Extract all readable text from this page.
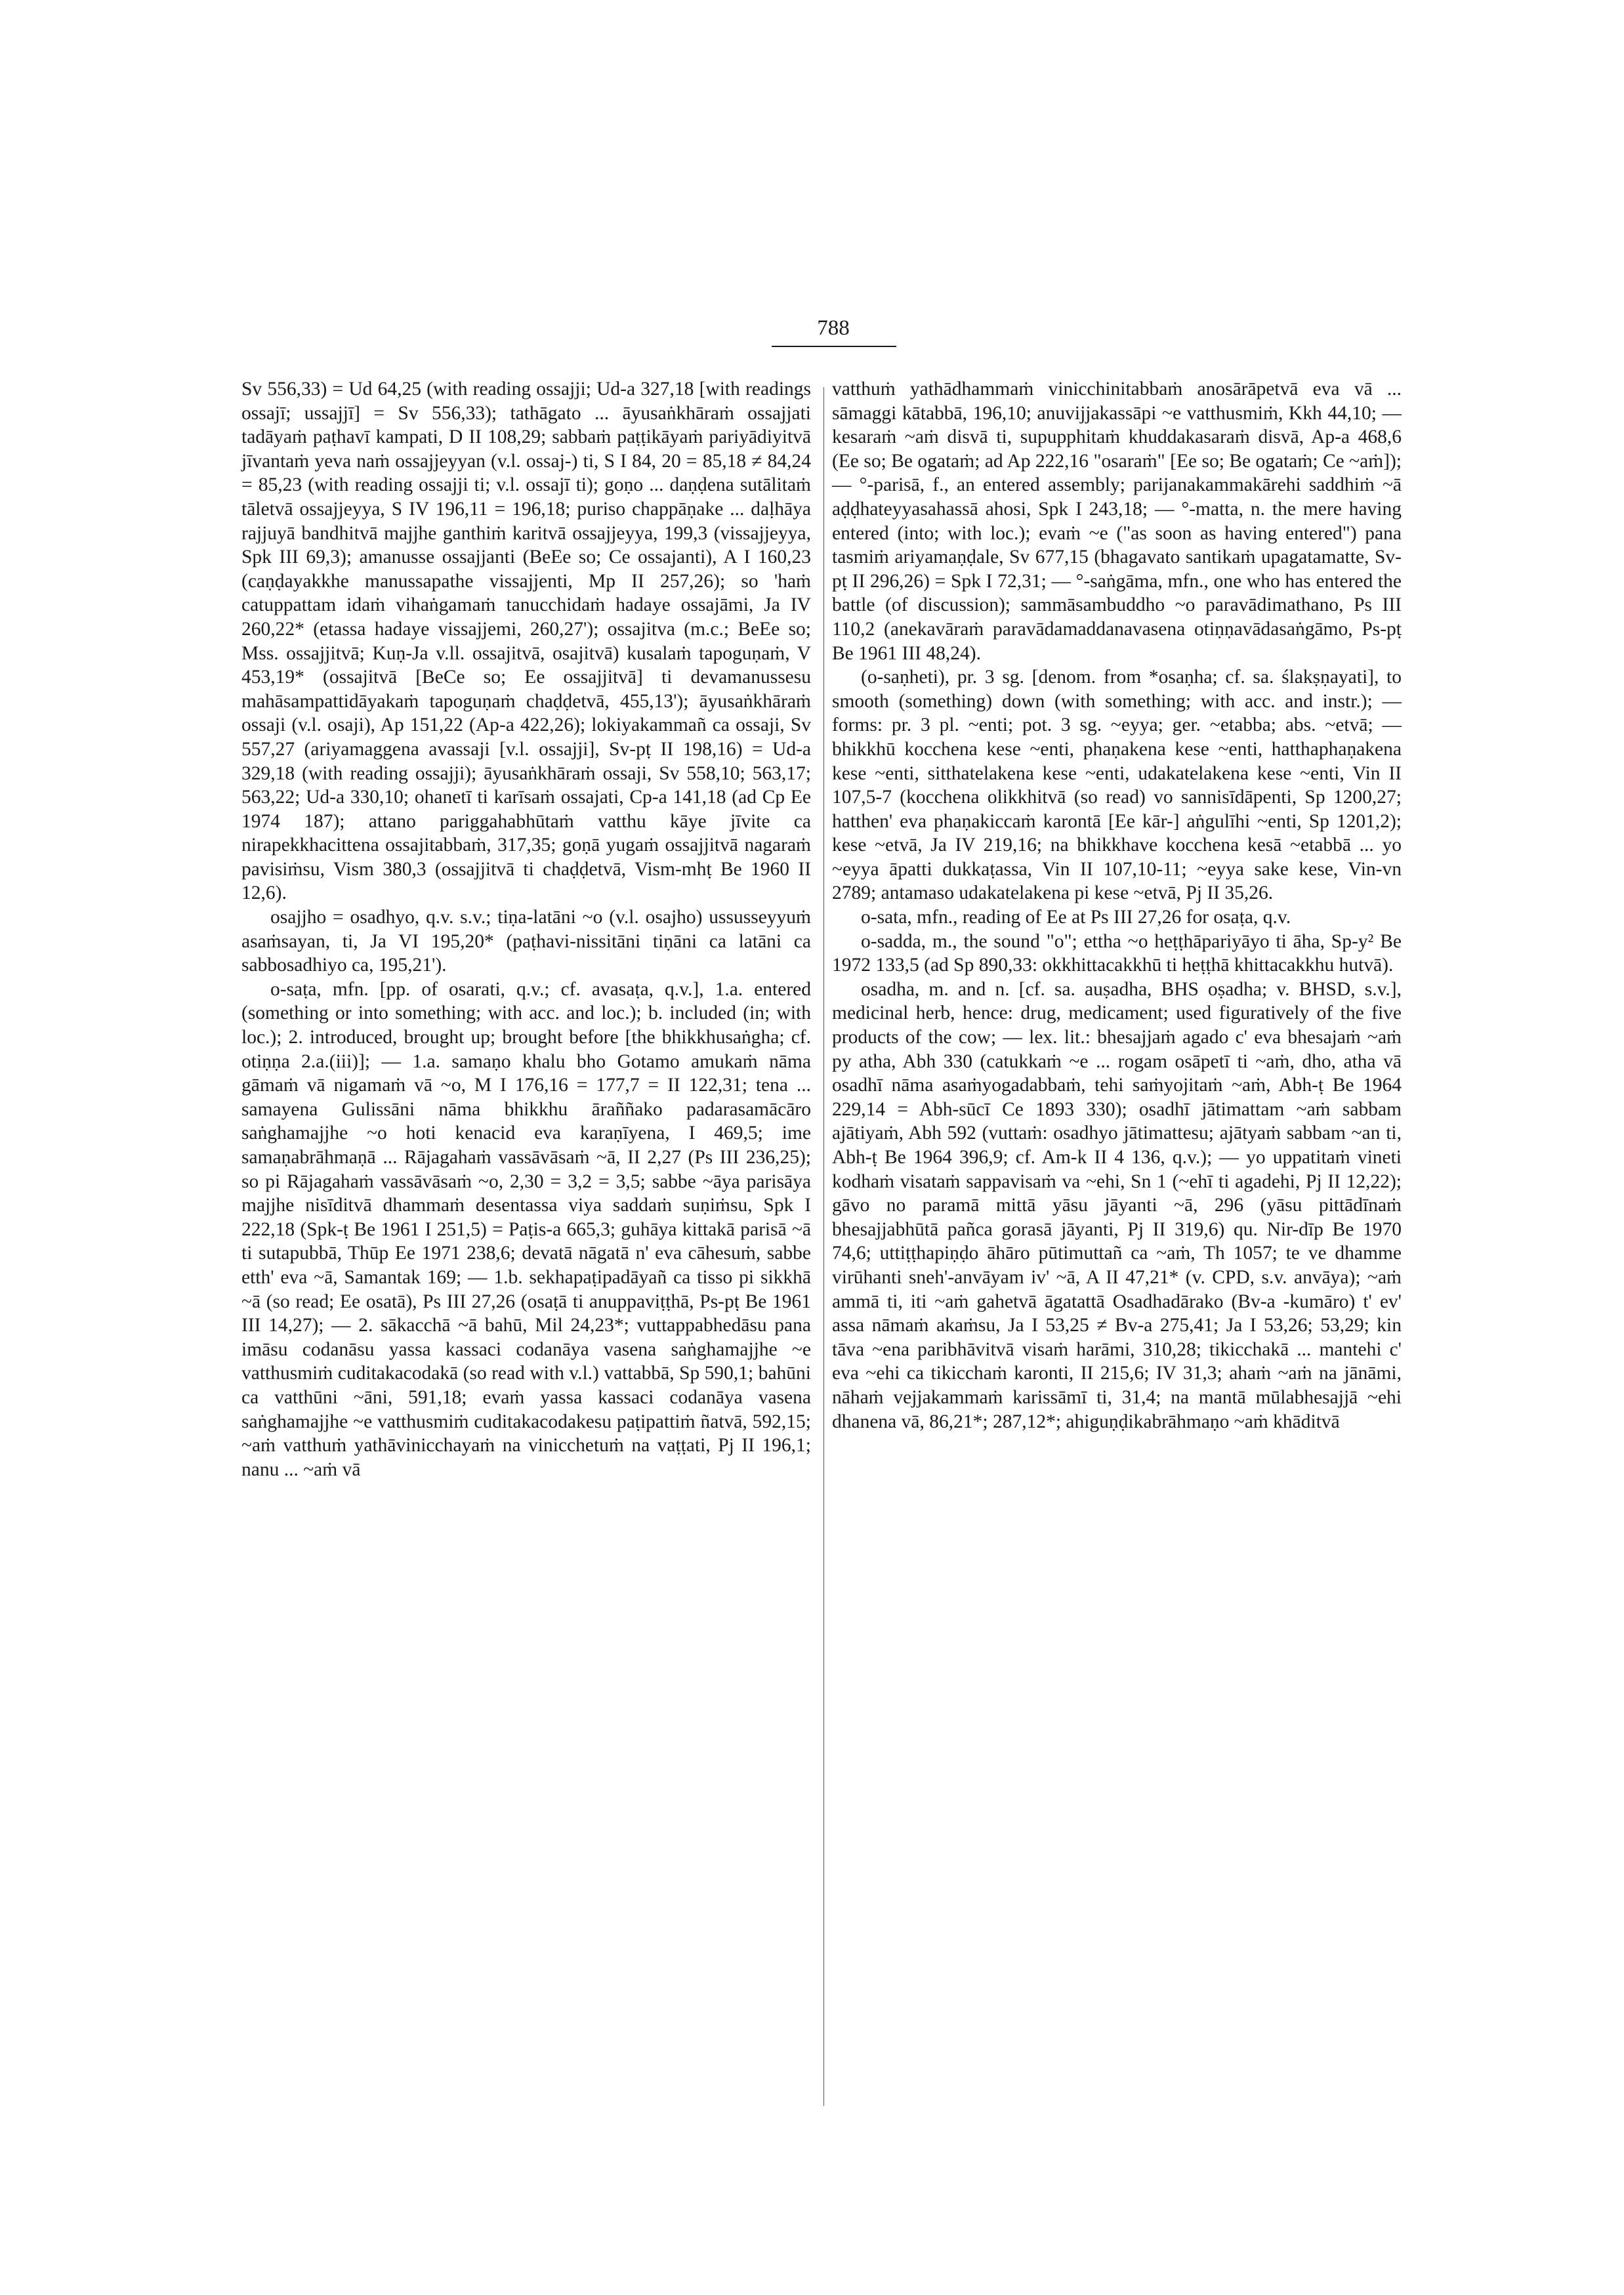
788

Sv 556,33) = Ud 64,25 (with reading ossajji; Ud-a 327,18 [with readings ossajī; ussajjī] = Sv 556,33); tathāgato ... āyusaṅkhāraṁ ossajjati tadāyaṁ paṭhavī kampati, D II 108,29; sabbaṁ paṭṭikāyaṁ pariyādiyitvā jīvantaṁ yeva naṁ ossajjeyyan (v.l. ossaj-) ti, S I 84, 20 = 85,18 ≠ 84,24 = 85,23 (with reading ossajji ti; v.l. ossajī ti); goṇo ... daṇḍena sutālitaṁ tāletvā ossajjeyya, S IV 196,11 = 196,18; puriso chappāṇake ... daḷhāya rajjuyā bandhitvā majjhe ganthiṁ karitvā ossajjeyya, 199,3 (vissajjeyya, Spk III 69,3); amanusse ossajjanti (BeEe so; Ce ossajanti), A I 160,23 (caṇḍayakkhe manussapathe vissajjenti, Mp II 257,26); so 'haṁ catuppattam idaṁ vihaṅgamaṁ tanucchidaṁ hadaye ossajāmi, Ja IV 260,22* (etassa hadaye vissajjemi, 260,27'); ossajitva (m.c.; BeEe so; Mss. ossajjitvā; Kuṇ-Ja v.ll. ossajitvā, osajitvā) kusalaṁ tapoguṇaṁ, V 453,19* (ossajitvā [BeCe so; Ee ossajjitvā] ti devamanussesu mahāsampattidāyakaṁ tapoguṇaṁ chaḍḍetvā, 455,13'); āyusaṅkhāraṁ ossaji (v.l. osaji), Ap 151,22 (Ap-a 422,26); lokiyakammañ ca ossaji, Sv 557,27 (ariyamaggena avassaji [v.l. ossajji], Sv-pṭ II 198,16) = Ud-a 329,18 (with reading ossajji); āyusaṅkhāraṁ ossaji, Sv 558,10; 563,17; 563,22; Ud-a 330,10; ohanetī ti karīsaṁ ossajati, Cp-a 141,18 (ad Cp Ee 1974 187); attano pariggahabhūtaṁ vatthu kāye jīvite ca nirapekkhacittena ossajitabbaṁ, 317,35; goṇā yugaṁ ossajjitvā nagaraṁ pavisiṁsu, Vism 380,3 (ossajjitvā ti chaḍḍetvā, Vism-mhṭ Be 1960 II 12,6).

osajjho = osadhyo, q.v. s.v.; tiṇa-latāni ~o (v.l. osajho) ussusseyyuṁ asaṁsayan, ti, Ja VI 195,20* (paṭhavi-nissitāni tiṇāni ca latāni ca sabbosadhiyo ca, 195,21').

o-saṭa, mfn. [pp. of osarati, q.v.; cf. avasaṭa, q.v.], 1.a. entered (something or into something; with acc. and loc.); b. included (in; with loc.); 2. introduced, brought up; brought before [the bhikkhusaṅgha; cf. otiṇṇa 2.a.(iii)]; — 1.a. samaṇo khalu bho Gotamo amukaṁ nāma gāmaṁ vā nigamaṁ vā ~o, M I 176,16 = 177,7 = II 122,31; tena ... samayena Gulissāni nāma bhikkhu āraññako padarasamācāro saṅghamajjhe ~o hoti kenacid eva karaṇīyena, I 469,5; ime samaṇabrāhmaṇā ... Rājagahaṁ vassāvāsaṁ ~ā, II 2,27 (Ps III 236,25); so pi Rājagahaṁ vassāvāsaṁ ~o, 2,30 = 3,2 = 3,5; sabbe ~āya parisāya majjhe nisīditvā dhammaṁ desentassa viya saddaṁ suṇiṁsu, Spk I 222,18 (Spk-ṭ Be 1961 I 251,5) = Paṭis-a 665,3; guhāya kittakā parisā ~ā ti sutapubbā, Thūp Ee 1971 238,6; devatā nāgatā n' eva cāhesuṁ, sabbe etth' eva ~ā, Samantak 169; — 1.b. sekhapaṭipadāyañ ca tisso pi sikkhā ~ā (so read; Ee osatā), Ps III 27,26 (osaṭā ti anuppaviṭṭhā, Ps-pṭ Be 1961 III 14,27); — 2. sākacchā ~ā bahū, Mil 24,23*; vuttappabhedāsu pana imāsu codanāsu yassa kassaci codanāya vasena saṅghamajjhe ~e vatthusmiṁ cuditakacodakā (so read with v.l.) vattabbā, Sp 590,1; bahūni ca vatthūni ~āni, 591,18; evaṁ yassa kassaci codanāya vasena saṅghamajjhe ~e vatthusmiṁ cuditakacodakesu paṭipattiṁ ñatvā, 592,15; ~aṁ vatthuṁ yathāvinicchayaṁ na vinicchetuṁ na vaṭṭati, Pj II 196,1; nanu ... ~aṁ vā

vatthuṁ yathādhammaṁ vinicchinitabbaṁ anosārāpetvā eva vā ... sāmaggi kātabbā, 196,10; anuvijjakassāpi ~e vatthusmiṁ, Kkh 44,10; — kesaraṁ ~aṁ disvā ti, supupphitaṁ khuddakasaraṁ disvā, Ap-a 468,6 (Ee so; Be ogataṁ; ad Ap 222,16 "osaraṁ" [Ee so; Be ogataṁ; Ce ~aṁ]); — °-parisā, f., an entered assembly; parijanakammakārehi saddhiṁ ~ā aḍḍhateyyasahassā ahosi, Spk I 243,18; — °-matta, n. the mere having entered (into; with loc.); evaṁ ~e ("as soon as having entered") pana tasmiṁ ariyamaṇḍale, Sv 677,15 (bhagavato santikaṁ upagatamatte, Sv-pṭ II 296,26) = Spk I 72,31; — °-saṅgāma, mfn., one who has entered the battle (of discussion); sammāsambuddho ~o paravādimathano, Ps III 110,2 (anekavāraṁ paravādamaddanavasena otiṇṇavādasaṅgāmo, Ps-pṭ Be 1961 III 48,24).

(o-saṇheti), pr. 3 sg. [denom. from *osaṇha; cf. sa. ślakṣṇayati], to smooth (something) down (with something; with acc. and instr.); — forms: pr. 3 pl. ~enti; pot. 3 sg. ~eyya; ger. ~etabba; abs. ~etvā; — bhikkhū kocchena kese ~enti, phaṇakena kese ~enti, hatthaphaṇakena kese ~enti, sitthatelakena kese ~enti, udakatelakena kese ~enti, Vin II 107,5-7 (kocchena olikkhitvā (so read) vo sannisīdāpenti, Sp 1200,27; hatthen' eva phaṇakiccaṁ karontā [Ee kār-] aṅgulīhi ~enti, Sp 1201,2); kese ~etvā, Ja IV 219,16; na bhikkhave kocchena kesā ~etabbā ... yo ~eyya āpatti dukkaṭassa, Vin II 107,10-11; ~eyya sake kese, Vin-vn 2789; antamaso udakatelakena pi kese ~etvā, Pj II 35,26.

o-sata, mfn., reading of Ee at Ps III 27,26 for osaṭa, q.v.

o-sadda, m., the sound "o"; ettha ~o heṭṭhāpariyāyo ti āha, Sp-y² Be 1972 133,5 (ad Sp 890,33: okkhittacakkhū ti heṭṭhā khittacakkhu hutvā).

osadha, m. and n. [cf. sa. auṣadha, BHS oṣadha; v. BHSD, s.v.], medicinal herb, hence: drug, medicament; used figuratively of the five products of the cow; — lex. lit.: bhesajjaṁ agado c' eva bhesajaṁ ~aṁ py atha, Abh 330 (catukkaṁ ~e ... rogam osāpetī ti ~aṁ, dho, atha vā osadhī nāma asaṁyogadabbaṁ, tehi saṁyojitaṁ ~aṁ, Abh-ṭ Be 1964 229,14 = Abh-sūcī Ce 1893 330); osadhī jātimattam ~aṁ sabbam ajātiyaṁ, Abh 592 (vuttaṁ: osadhyo jātimattesu; ajātyaṁ sabbam ~an ti, Abh-ṭ Be 1964 396,9; cf. Am-k II 4 136, q.v.); — yo uppatitaṁ vineti kodhaṁ visataṁ sappavisaṁ va ~ehi, Sn 1 (~ehī ti agadehi, Pj II 12,22); gāvo no paramā mittā yāsu jāyanti ~ā, 296 (yāsu pittādīnaṁ bhesajjabhūtā pañca gorasā jāyanti, Pj II 319,6) qu. Nir-dīp Be 1970 74,6; uttiṭṭhapiṇḍo āhāro pūtimuttañ ca ~aṁ, Th 1057; te ve dhamme virūhanti sneh'-anvāyam iv' ~ā, A II 47,21* (v. CPD, s.v. anvāya); ~aṁ ammā ti, iti ~aṁ gahetvā āgatattā Osadhadārako (Bv-a -kumāro) t' ev' assa nāmaṁ akaṁsu, Ja I 53,25 ≠ Bv-a 275,41; Ja I 53,26; 53,29; kin tāva ~ena paribhāvitvā visaṁ harāmi, 310,28; tikicchakā ... mantehi c' eva ~ehi ca tikicchaṁ karonti, II 215,6; IV 31,3; ahaṁ ~aṁ na jānāmi, nāhaṁ vejjakammaṁ karissāmī ti, 31,4; na mantā mūlabhesajjā ~ehi dhanena vā, 86,21*; 287,12*; ahiguṇḍikabrāhmaṇo ~aṁ khāditvā
